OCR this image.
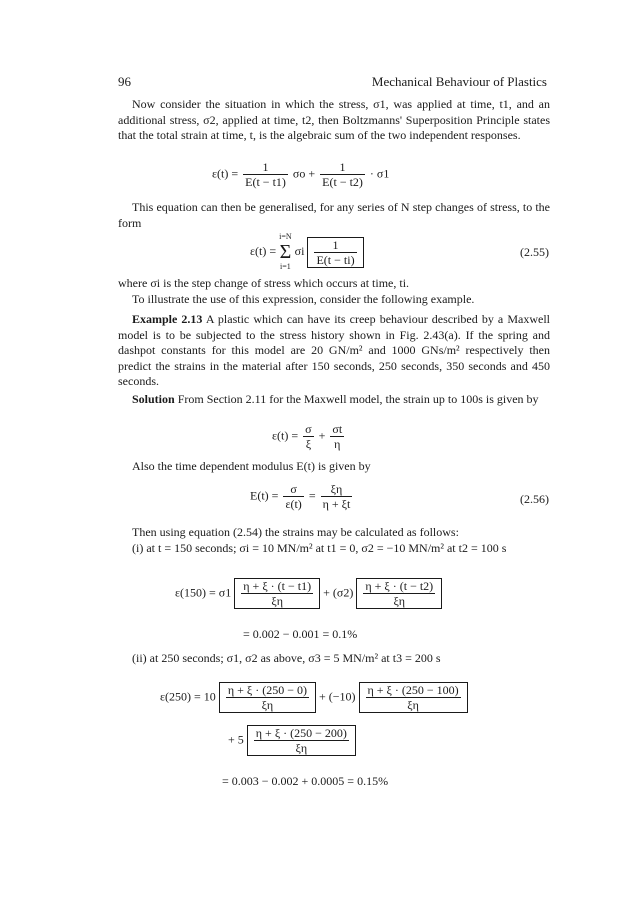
96	Mechanical Behaviour of Plastics
Now consider the situation in which the stress, σ1, was applied at time, t1, and an additional stress, σ2, applied at time, t2, then Boltzmanns' Superposition Principle states that the total strain at time, t, is the algebraic sum of the two independent responses.
$\varepsilon(t) = \frac{1}{E(t - t1)}$ $\sigma o + \frac{1}{E(t - t2)} \cdot \sigma 1$
This equation can then be generalised, for any series of N step changes of stress, to the form
ε(t) =
i=N
Σ
i=1
σi $\frac{1}{E(t - ti)}$	(2.55)
where σi is the step change of stress which occurs at time, ti.
To illustrate the use of this expression, consider the following example.
Example 2.13 A plastic which can have its creep behaviour described by a Maxwell model is to be subjected to the stress history shown in Fig. 2.43(a). If the spring and dashpot constants for this model are 20 GN/m² and 1000 GNs/m² respectively then predict the strains in the material after 150 seconds, 250 seconds, 350 seconds and 450 seconds.
Solution From Section 2.11 for the Maxwell model, the strain up to 100s is given by
$\varepsilon(t) = \frac{\sigma}{\xi} + \frac{\sigma t}{\eta}$
Also the time dependent modulus E(t) is given by
$E(t) = \frac{\sigma}{\varepsilon(t)} = \frac{\xi\eta}{\eta + \xi t}$	(2.56)
Then using equation (2.54) the strains may be calculated as follows:
(i) at t = 150 seconds; σi = 10 MN/m² at t1 = 0, σ2 = −10 MN/m² at t2 = 100 s
$\varepsilon(150) = \sigma 1 \frac{\eta + \xi \cdot (t - t1)}{\xi\eta} + (\sigma 2) \frac{\eta + \xi \cdot (t - t2)}{\xi\eta}$
= 0.002 − 0.001 = 0.1%
(ii) at 250 seconds; σ1, σ2 as above, σ3 = 5 MN/m² at t3 = 200 s
$\varepsilon(250) = 10 \frac{\eta + \xi \cdot (250 - 0)}{\xi\eta} + (-10) \frac{\eta + \xi \cdot (250 - 100)}{\xi\eta}$
+ $5 \frac{\eta + \xi \cdot (250 - 200)}{\xi\eta}$
= 0.003 − 0.002 + 0.0005 = 0.15%
